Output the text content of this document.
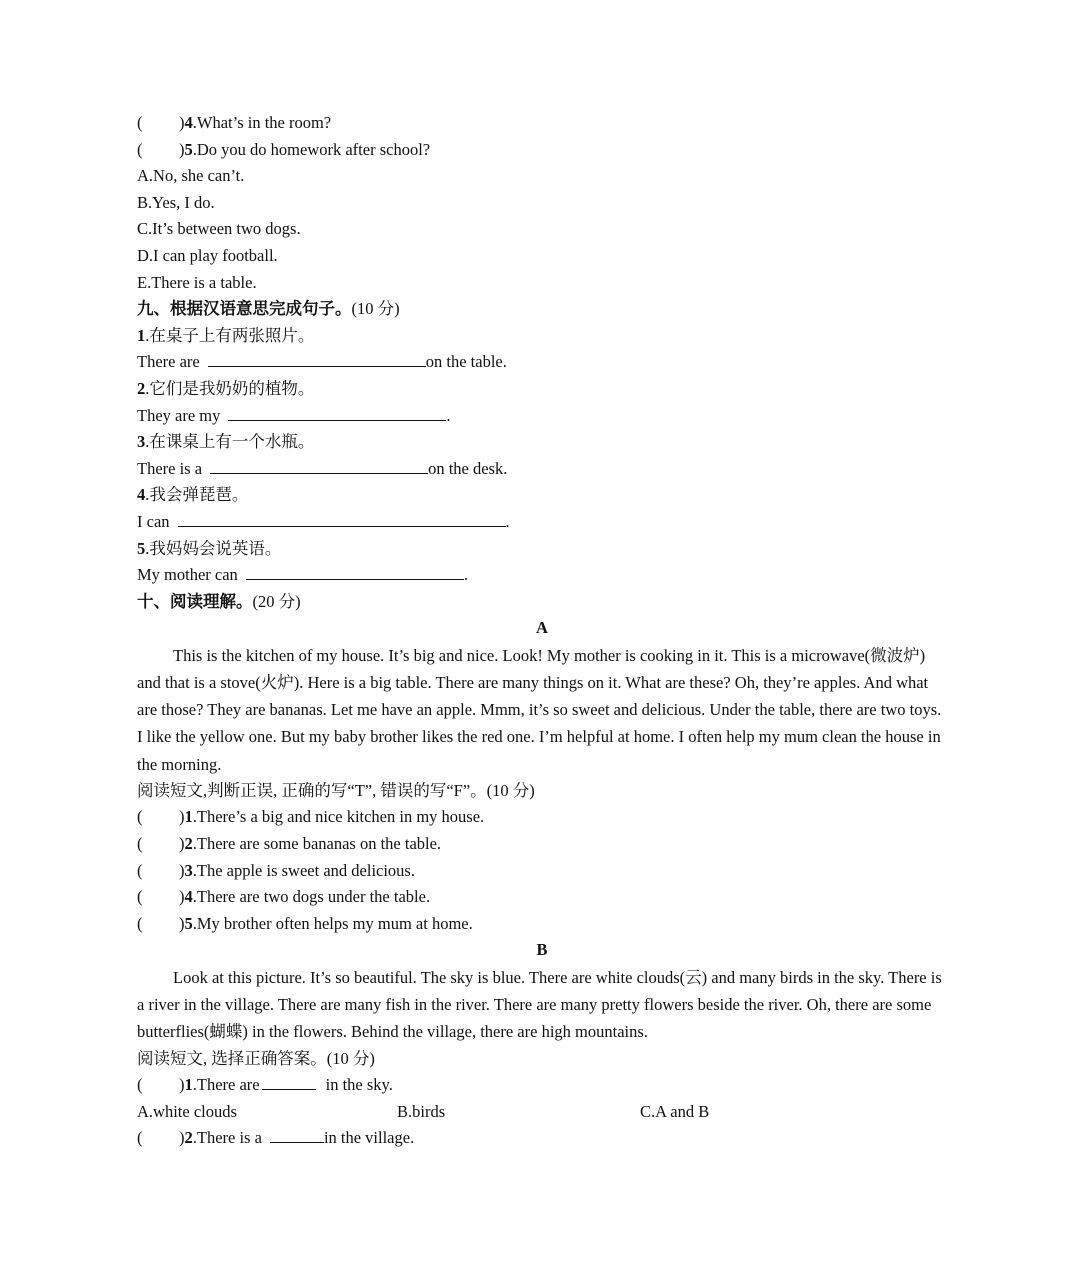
( )4.What’s in the room?
( )5.Do you do homework after school?
A.No, she can’t.
B.Yes, I do.
C.It’s between two dogs.
D.I can play football.
E.There is a table.
九、根据汉语意思完成句子。(10 分)
1.在桌子上有两张照片。
There are	on the table.
2.它们是我奶奶的植物。
They are my	.
3.在课桌上有一个水瓶。
There is a	on the desk.
4.我会弹琵琶。
I can	.
5.我妈妈会说英语。
My mother can	.
十、阅读理解。(20 分)
A
This is the kitchen of my house. It’s big and nice. Look! My mother is cooking in it. This is a microwave(微波炉) and that is a stove(火炉). Here is a big table. There are many things on it. What are these? Oh, they’re apples. And what are those? They are bananas. Let me have an apple. Mmm, it’s so sweet and delicious. Under the table, there are two toys. I like the yellow one. But my baby brother likes the red one. I’m helpful at home. I often help my mum clean the house in the morning.
阅读短文,判断正误, 正确的写“T”, 错误的写“F”。(10 分)
( )1.There’s a big and nice kitchen in my house.
( )2.There are some bananas on the table.
( )3.The apple is sweet and delicious.
( )4.There are two dogs under the table.
( )5.My brother often helps my mum at home.
B
Look at this picture. It’s so beautiful. The sky is blue. There are white clouds(云) and many birds in the sky. There is a river in the village. There are many fish in the river. There are many pretty flowers beside the river. Oh, there are some butterflies(蝴蝶) in the flowers. Behind the village, there are high mountains.
阅读短文, 选择正确答案。(10 分)
( )1.There are	in the sky.
A.white clouds	B.birds	C.A and B
( )2.There is a	in the village.
